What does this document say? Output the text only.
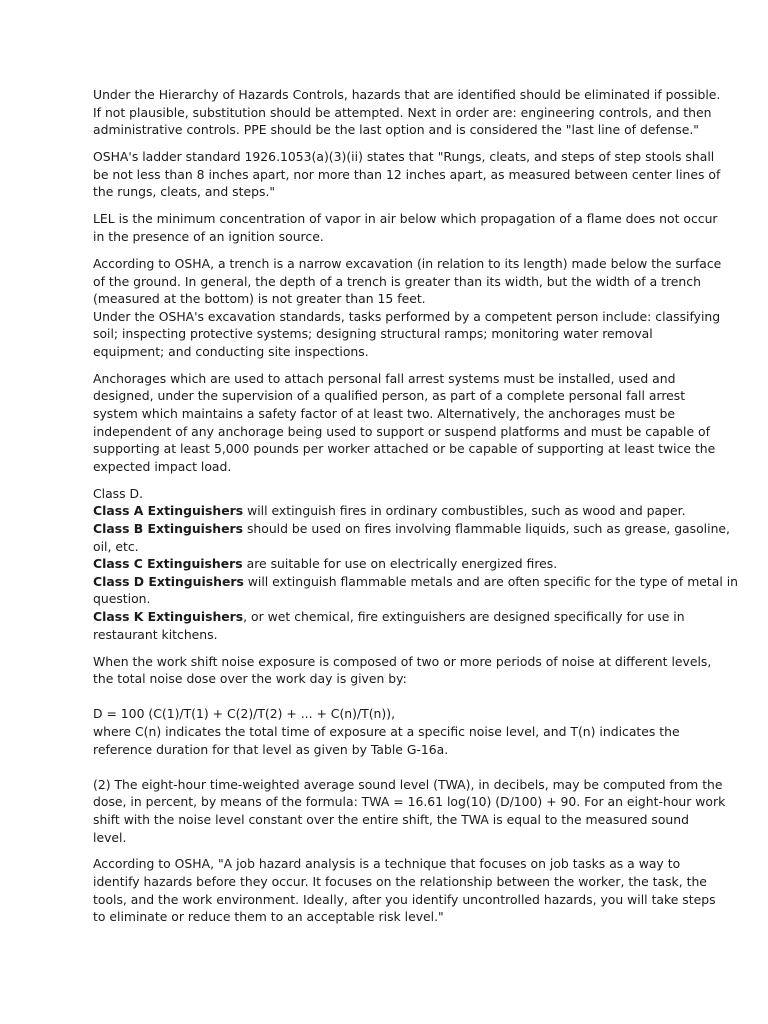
Under the Hierarchy of Hazards Controls, hazards that are identified should be eliminated if possible.
If not plausible, substitution should be attempted. Next in order are: engineering controls, and then
administrative controls. PPE should be the last option and is considered the "last line of defense."

OSHA's ladder standard 1926.1053(a)(3)(ii) states that "Rungs, cleats, and steps of step stools shall
be not less than 8 inches apart, nor more than 12 inches apart, as measured between center lines of
the rungs, cleats, and steps."

LEL is the minimum concentration of vapor in air below which propagation of a flame does not occur
in the presence of an ignition source.

According to OSHA, a trench is a narrow excavation (in relation to its length) made below the surface
of the ground. In general, the depth of a trench is greater than its width, but the width of a trench
(measured at the bottom) is not greater than 15 feet.
Under the OSHA's excavation standards, tasks performed by a competent person include: classifying
soil; inspecting protective systems; designing structural ramps; monitoring water removal
equipment; and conducting site inspections.

Anchorages which are used to attach personal fall arrest systems must be installed, used and
designed, under the supervision of a qualified person, as part of a complete personal fall arrest
system which maintains a safety factor of at least two. Alternatively, the anchorages must be
independent of any anchorage being used to support or suspend platforms and must be capable of
supporting at least 5,000 pounds per worker attached or be capable of supporting at least twice the
expected impact load.

Class D.
Class A Extinguishers will extinguish fires in ordinary combustibles, such as wood and paper.
Class B Extinguishers should be used on fires involving flammable liquids, such as grease, gasoline,
oil, etc.
Class C Extinguishers are suitable for use on electrically energized fires.
Class D Extinguishers will extinguish flammable metals and are often specific for the type of metal in
question.
Class K Extinguishers, or wet chemical, fire extinguishers are designed specifically for use in
restaurant kitchens.

When the work shift noise exposure is composed of two or more periods of noise at different levels,
the total noise dose over the work day is given by:
D = 100 (C(1)/T(1) + C(2)/T(2) + ... + C(n)/T(n)),
where C(n) indicates the total time of exposure at a specific noise level, and T(n) indicates the
reference duration for that level as given by Table G-16a.
(2) The eight-hour time-weighted average sound level (TWA), in decibels, may be computed from the
dose, in percent, by means of the formula: TWA = 16.61 log(10) (D/100) + 90. For an eight-hour work
shift with the noise level constant over the entire shift, the TWA is equal to the measured sound
level.

According to OSHA, "A job hazard analysis is a technique that focuses on job tasks as a way to
identify hazards before they occur. It focuses on the relationship between the worker, the task, the
tools, and the work environment. Ideally, after you identify uncontrolled hazards, you will take steps
to eliminate or reduce them to an acceptable risk level."
